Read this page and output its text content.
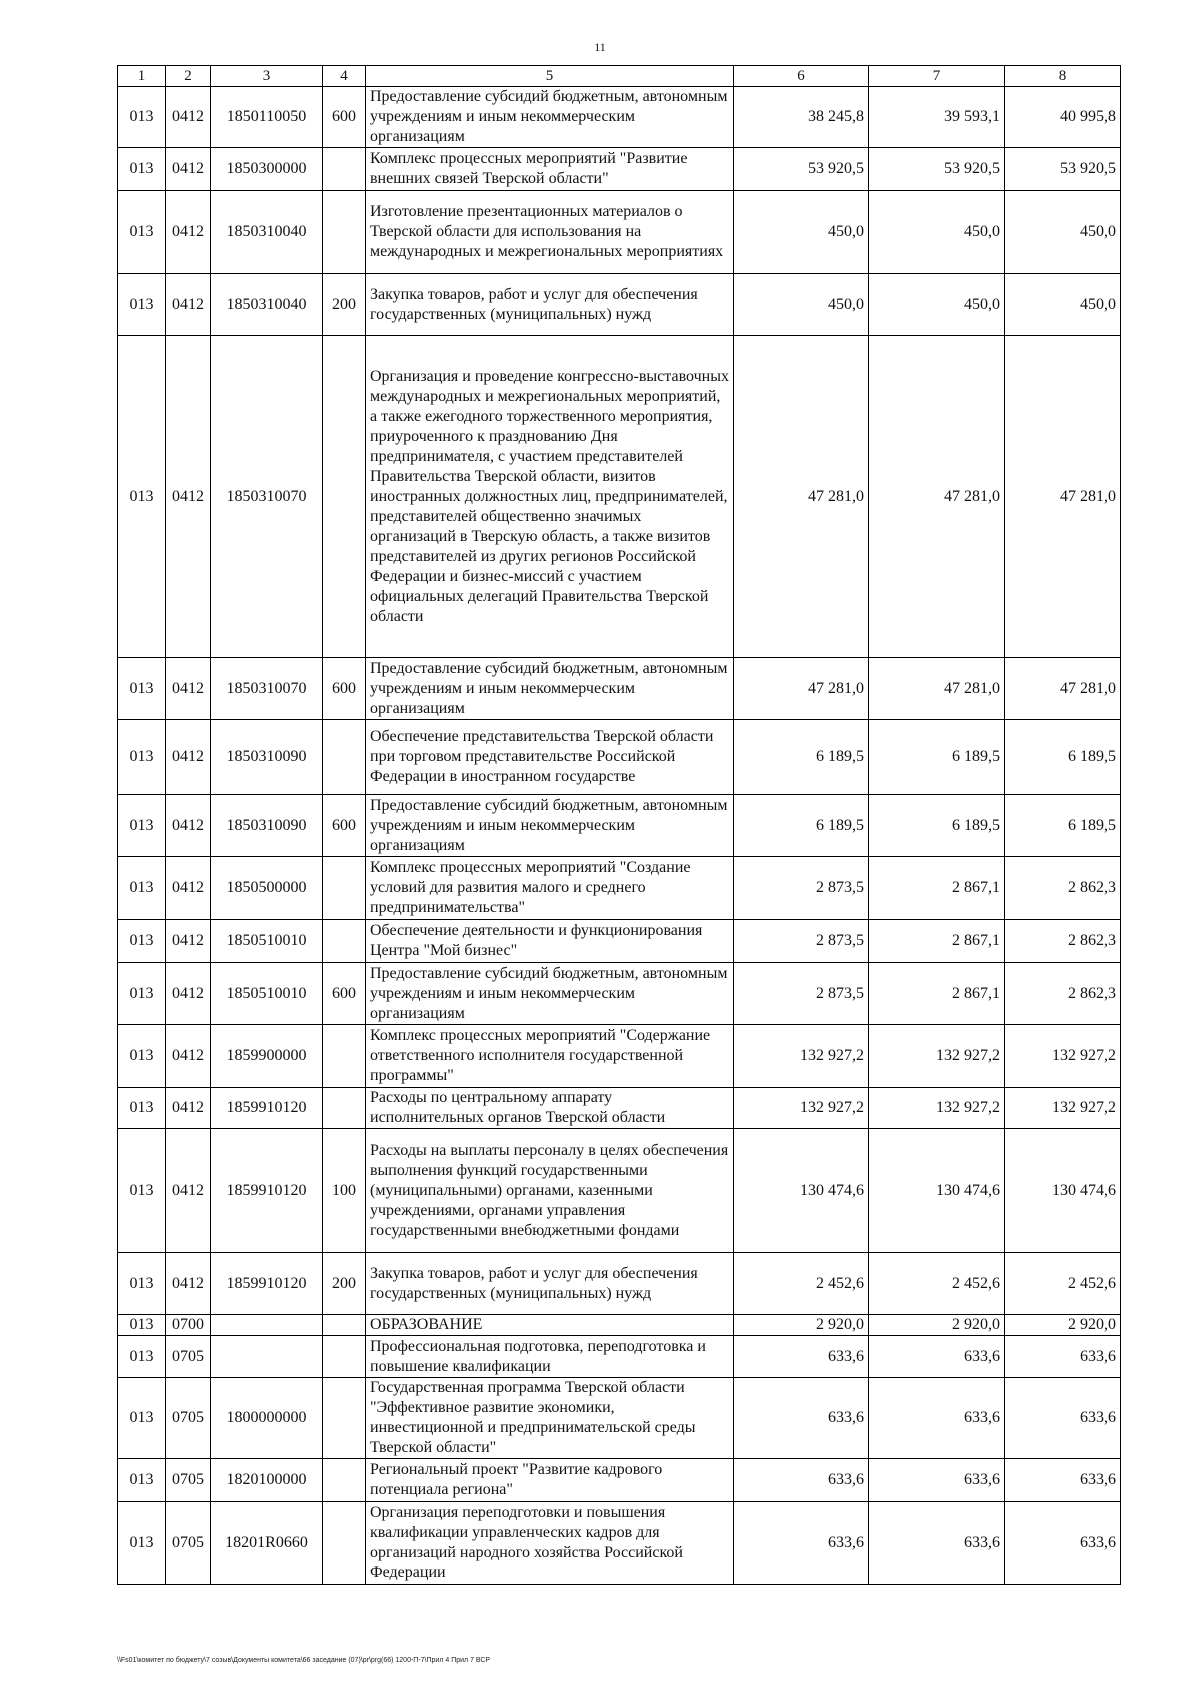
11
1	2	3	4	5	6	7	8
013	0412	1850110050	600	Предоставление субсидий бюджетным, автономным учреждениям и иным некоммерческим организациям	38 245,8	39 593,1	40 995,8
013	0412	1850300000		Комплекс процессных мероприятий "Развитие внешних связей Тверской области"	53 920,5	53 920,5	53 920,5
013	0412	1850310040		Изготовление презентационных материалов о Тверской области для использования на международных и межрегиональных мероприятиях	450,0	450,0	450,0
013	0412	1850310040	200	Закупка товаров, работ и услуг для обеспечения государственных (муниципальных) нужд	450,0	450,0	450,0
013	0412	1850310070		Организация и проведение конгрессно-выставочных международных и межрегиональных мероприятий, а также ежегодного торжественного мероприятия, приуроченного к празднованию Дня предпринимателя, с участием представителей Правительства Тверской области, визитов иностранных должностных лиц, предпринимателей, представителей общественно значимых организаций в Тверскую область, а также визитов представителей из других регионов Российской Федерации и бизнес-миссий с участием официальных делегаций Правительства Тверской области	47 281,0	47 281,0	47 281,0
013	0412	1850310070	600	Предоставление субсидий бюджетным, автономным учреждениям и иным некоммерческим организациям	47 281,0	47 281,0	47 281,0
013	0412	1850310090		Обеспечение представительства Тверской области при торговом представительстве Российской Федерации в иностранном государстве	6 189,5	6 189,5	6 189,5
013	0412	1850310090	600	Предоставление субсидий бюджетным, автономным учреждениям и иным некоммерческим организациям	6 189,5	6 189,5	6 189,5
013	0412	1850500000		Комплекс процессных мероприятий "Создание условий для развития малого и среднего предпринимательства"	2 873,5	2 867,1	2 862,3
013	0412	1850510010		Обеспечение деятельности и функционирования Центра "Мой бизнес"	2 873,5	2 867,1	2 862,3
013	0412	1850510010	600	Предоставление субсидий бюджетным, автономным учреждениям и иным некоммерческим организациям	2 873,5	2 867,1	2 862,3
013	0412	1859900000		Комплекс процессных мероприятий "Содержание ответственного исполнителя государственной программы"	132 927,2	132 927,2	132 927,2
013	0412	1859910120		Расходы по центральному аппарату исполнительных органов Тверской области	132 927,2	132 927,2	132 927,2
013	0412	1859910120	100	Расходы на выплаты персоналу в целях обеспечения выполнения функций государственными (муниципальными) органами, казенными учреждениями, органами управления государственными внебюджетными фондами	130 474,6	130 474,6	130 474,6
013	0412	1859910120	200	Закупка товаров, работ и услуг для обеспечения государственных (муниципальных) нужд	2 452,6	2 452,6	2 452,6
013	0700			ОБРАЗОВАНИЕ	2 920,0	2 920,0	2 920,0
013	0705			Профессиональная подготовка, переподготовка и повышение квалификации	633,6	633,6	633,6
013	0705	1800000000		Государственная программа Тверской области "Эффективное развитие экономики, инвестиционной и предпринимательской среды Тверской области"	633,6	633,6	633,6
013	0705	1820100000		Региональный проект "Развитие кадрового потенциала региона"	633,6	633,6	633,6
013	0705	18201R0660		Организация переподготовки и повышения квалификации управленческих кадров для организаций народного хозяйства Российской Федерации	633,6	633,6	633,6
\\Fs01\комитет по бюджету\7 созыв\Документы комитета\66 заседание (07)\pr\prg(66) 1200-П-7\Прил 4 Прил 7 ВСР
